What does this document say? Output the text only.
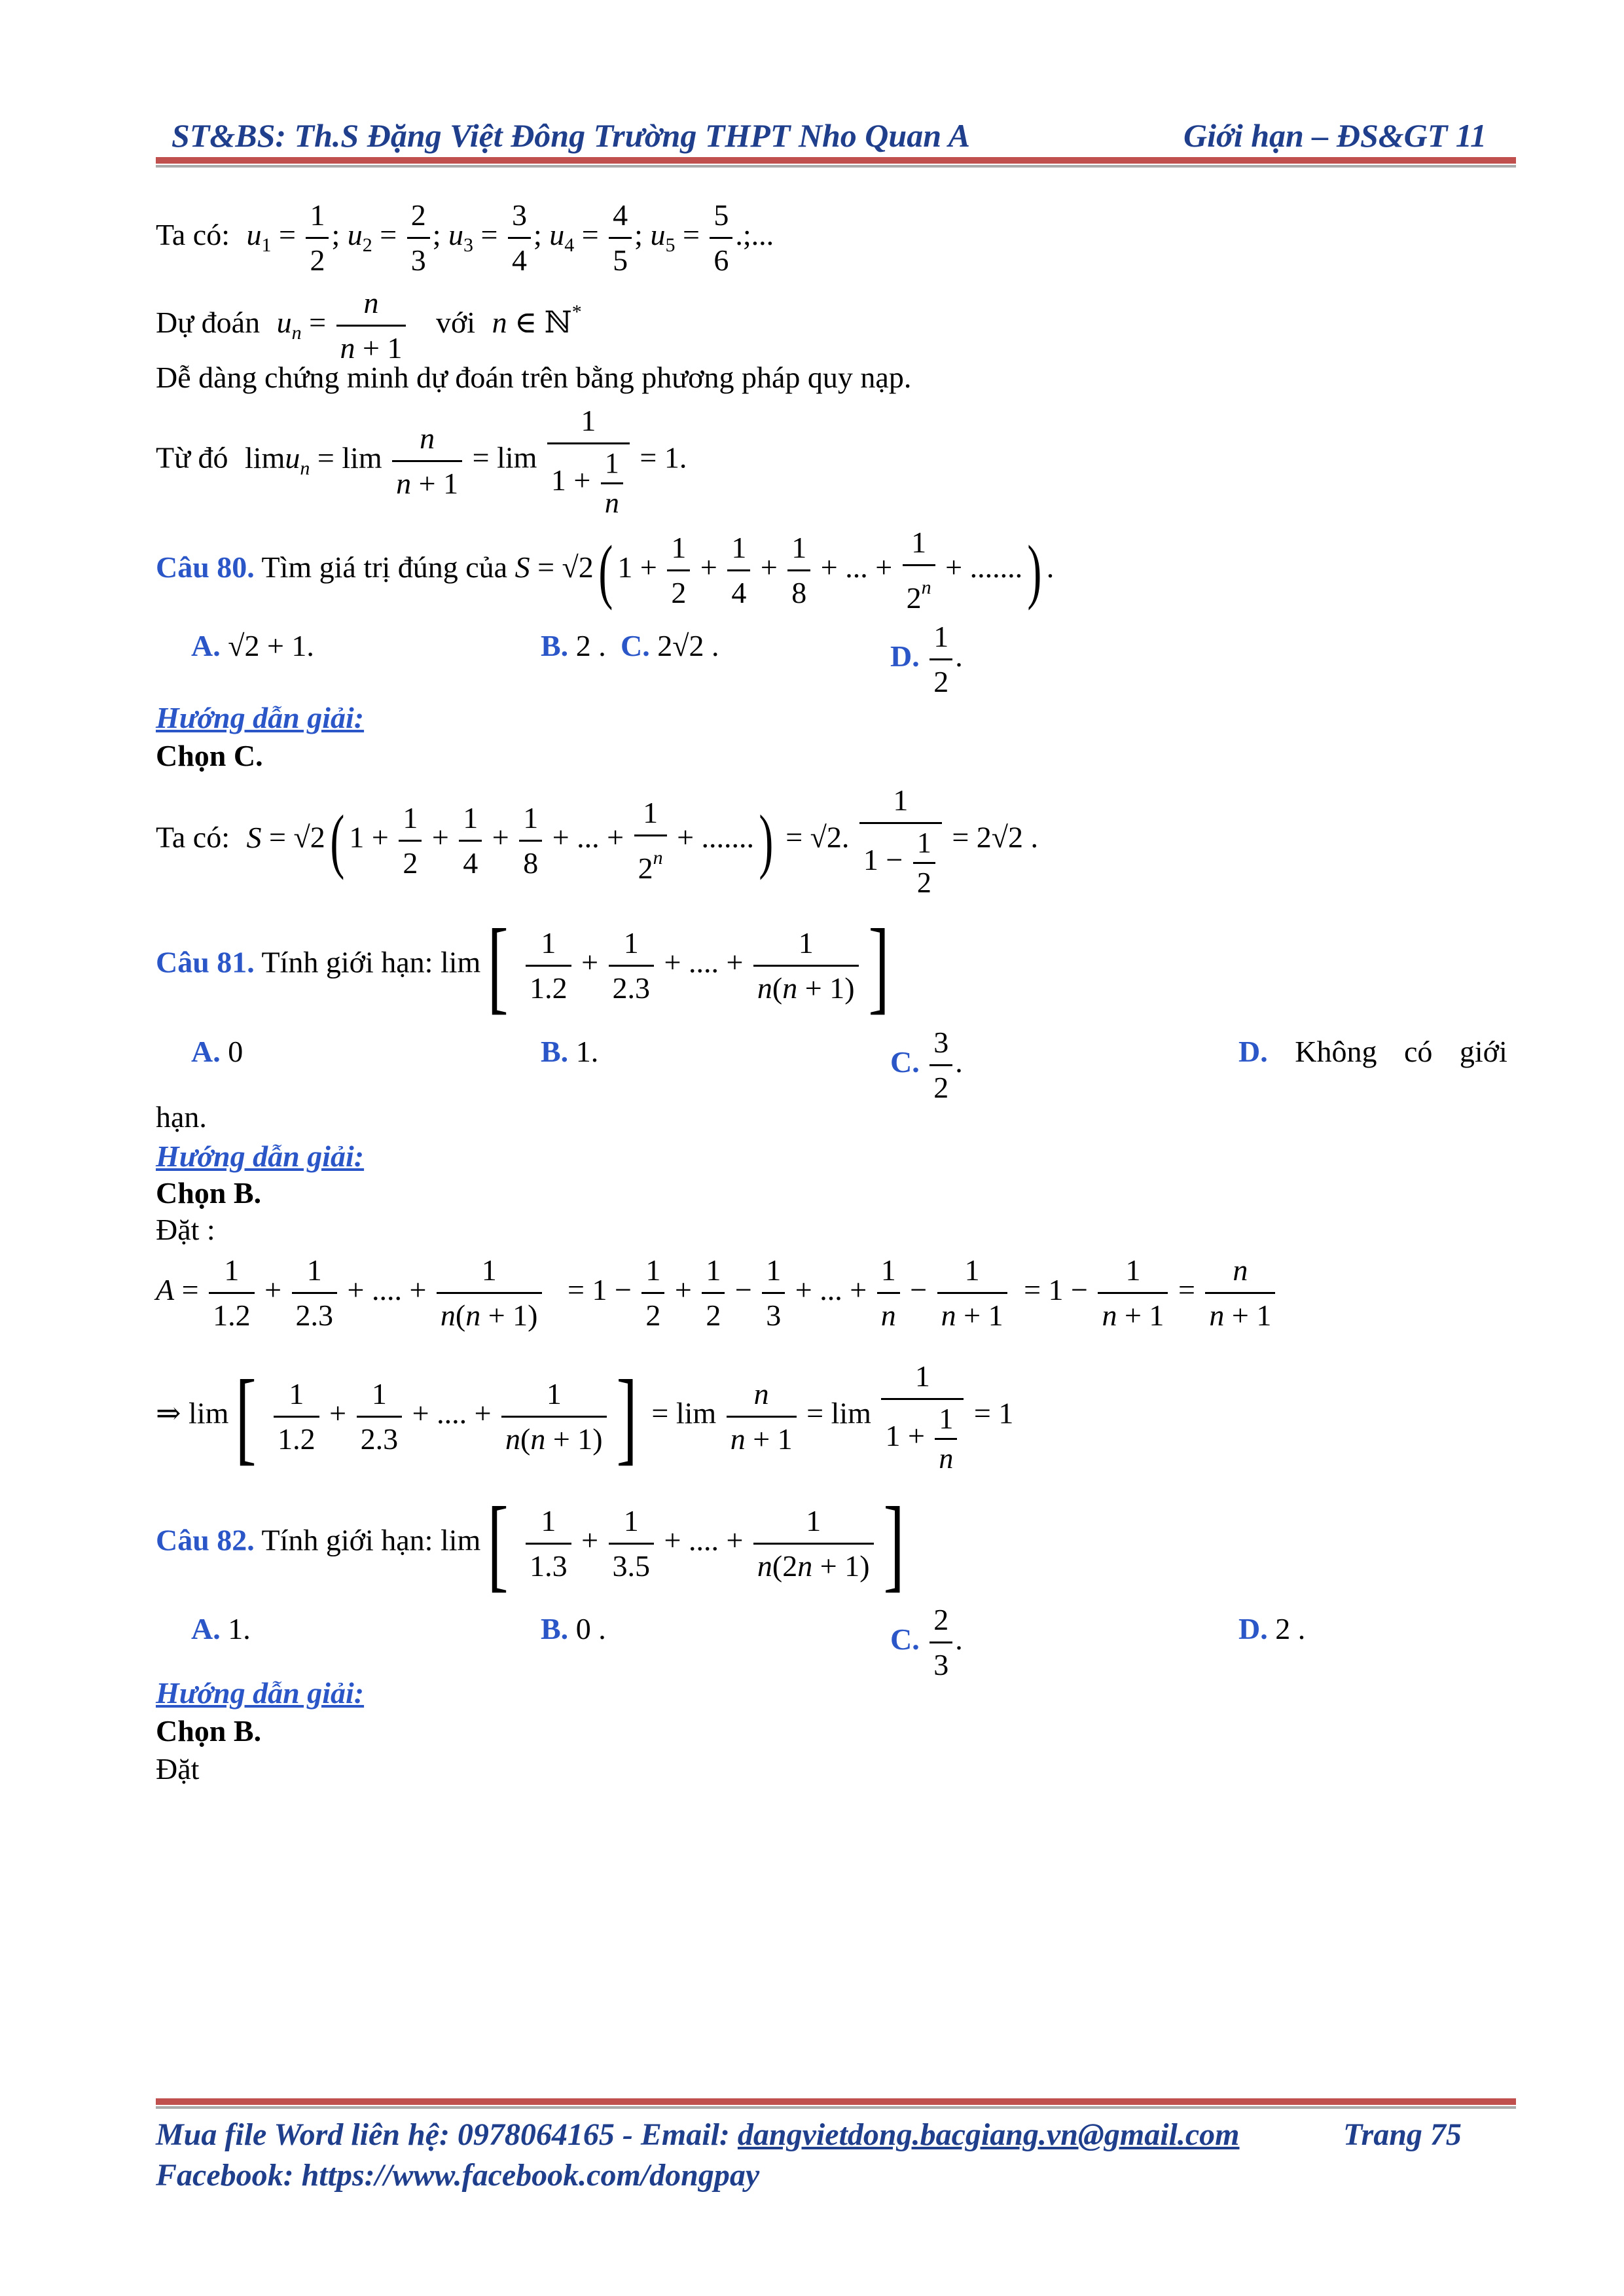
ST&BS: Th.S Đặng Việt Đông Trường THPT Nho Quan A	Giới hạn – ĐS&GT 11
Ta có: $u_1 = \frac{1}{2}$ ; $u_2 = \frac{2}{3}$ ; $u_3 = \frac{3}{4}$ ; $u_4 = \frac{4}{5}$ ; $u_5 = \frac{5}{6}$ .;...
Dự đoán $u_n = \frac{n}{n + 1}$ với n ∈ ℕ*
Dễ dàng chứng minh dự đoán trên bằng phương pháp quy nạp.
Từ đó $\lim u_n = \lim \frac{n}{n + 1} = \lim \frac{1}{1 + \frac{1}{n}} = 1$.
Câu 80. Tìm giá trị đúng của S = √2( $1 + \frac{1}{2} + \frac{1}{4} + \frac{1}{8}$ + ... + $\frac{1}{2^n}$ + .......) .
A. √2 + 1.	B. 2 . C. 2√2 .	D. $\frac{1}{2}$ .
Hướng dẫn giải:
Chọn C.
Ta có: S = √2( $1 + \frac{1}{2} + \frac{1}{4} + \frac{1}{8}$ + ... + $\frac{1}{2^n}$ + .......) = √2. $\frac{1}{1 - \frac{1}{2}} = 2√2$ .
Câu 81. Tính giới hạn: $\lim[ \frac{1}{1.2} + \frac{1}{2.3}$ + .... + $\frac{1}{n(n + 1)}$ ]
A. 0	B. 1.	C. $\frac{3}{2}$ .	D. Không có giới
hạn.
Hướng dẫn giải:
Chọn B.
Đặt :
$A = \frac{1}{1.2} + \frac{1}{2.3}$ + .... + $\frac{1}{n(n + 1)} = 1 - \frac{1}{2} + \frac{1}{2} - \frac{1}{3}$ + ... + $\frac{1}{n} - \frac{1}{n + 1} = 1 - \frac{1}{n + 1} = \frac{n}{n + 1}$
⇒ $\lim[ \frac{1}{1.2} + \frac{1}{2.3}$ + .... + $\frac{1}{n(n + 1)}$ ] = $\lim \frac{n}{n + 1} = \lim \frac{1}{1 + \frac{1}{n}} = 1$
Câu 82. Tính giới hạn: $\lim[ \frac{1}{1.3} + \frac{1}{3.5}$ + .... + $\frac{1}{n(2n + 1)}$ ]
A. 1.	B. 0 .	C. $\frac{2}{3}$ .	D. 2 .
Hướng dẫn giải:
Chọn B.
Đặt
Mua file Word liên hệ: 0978064165 - Email: dangvietdong.bacgiang.vn@gmail.com	Trang 75
Facebook: https://www.facebook.com/dongpay
